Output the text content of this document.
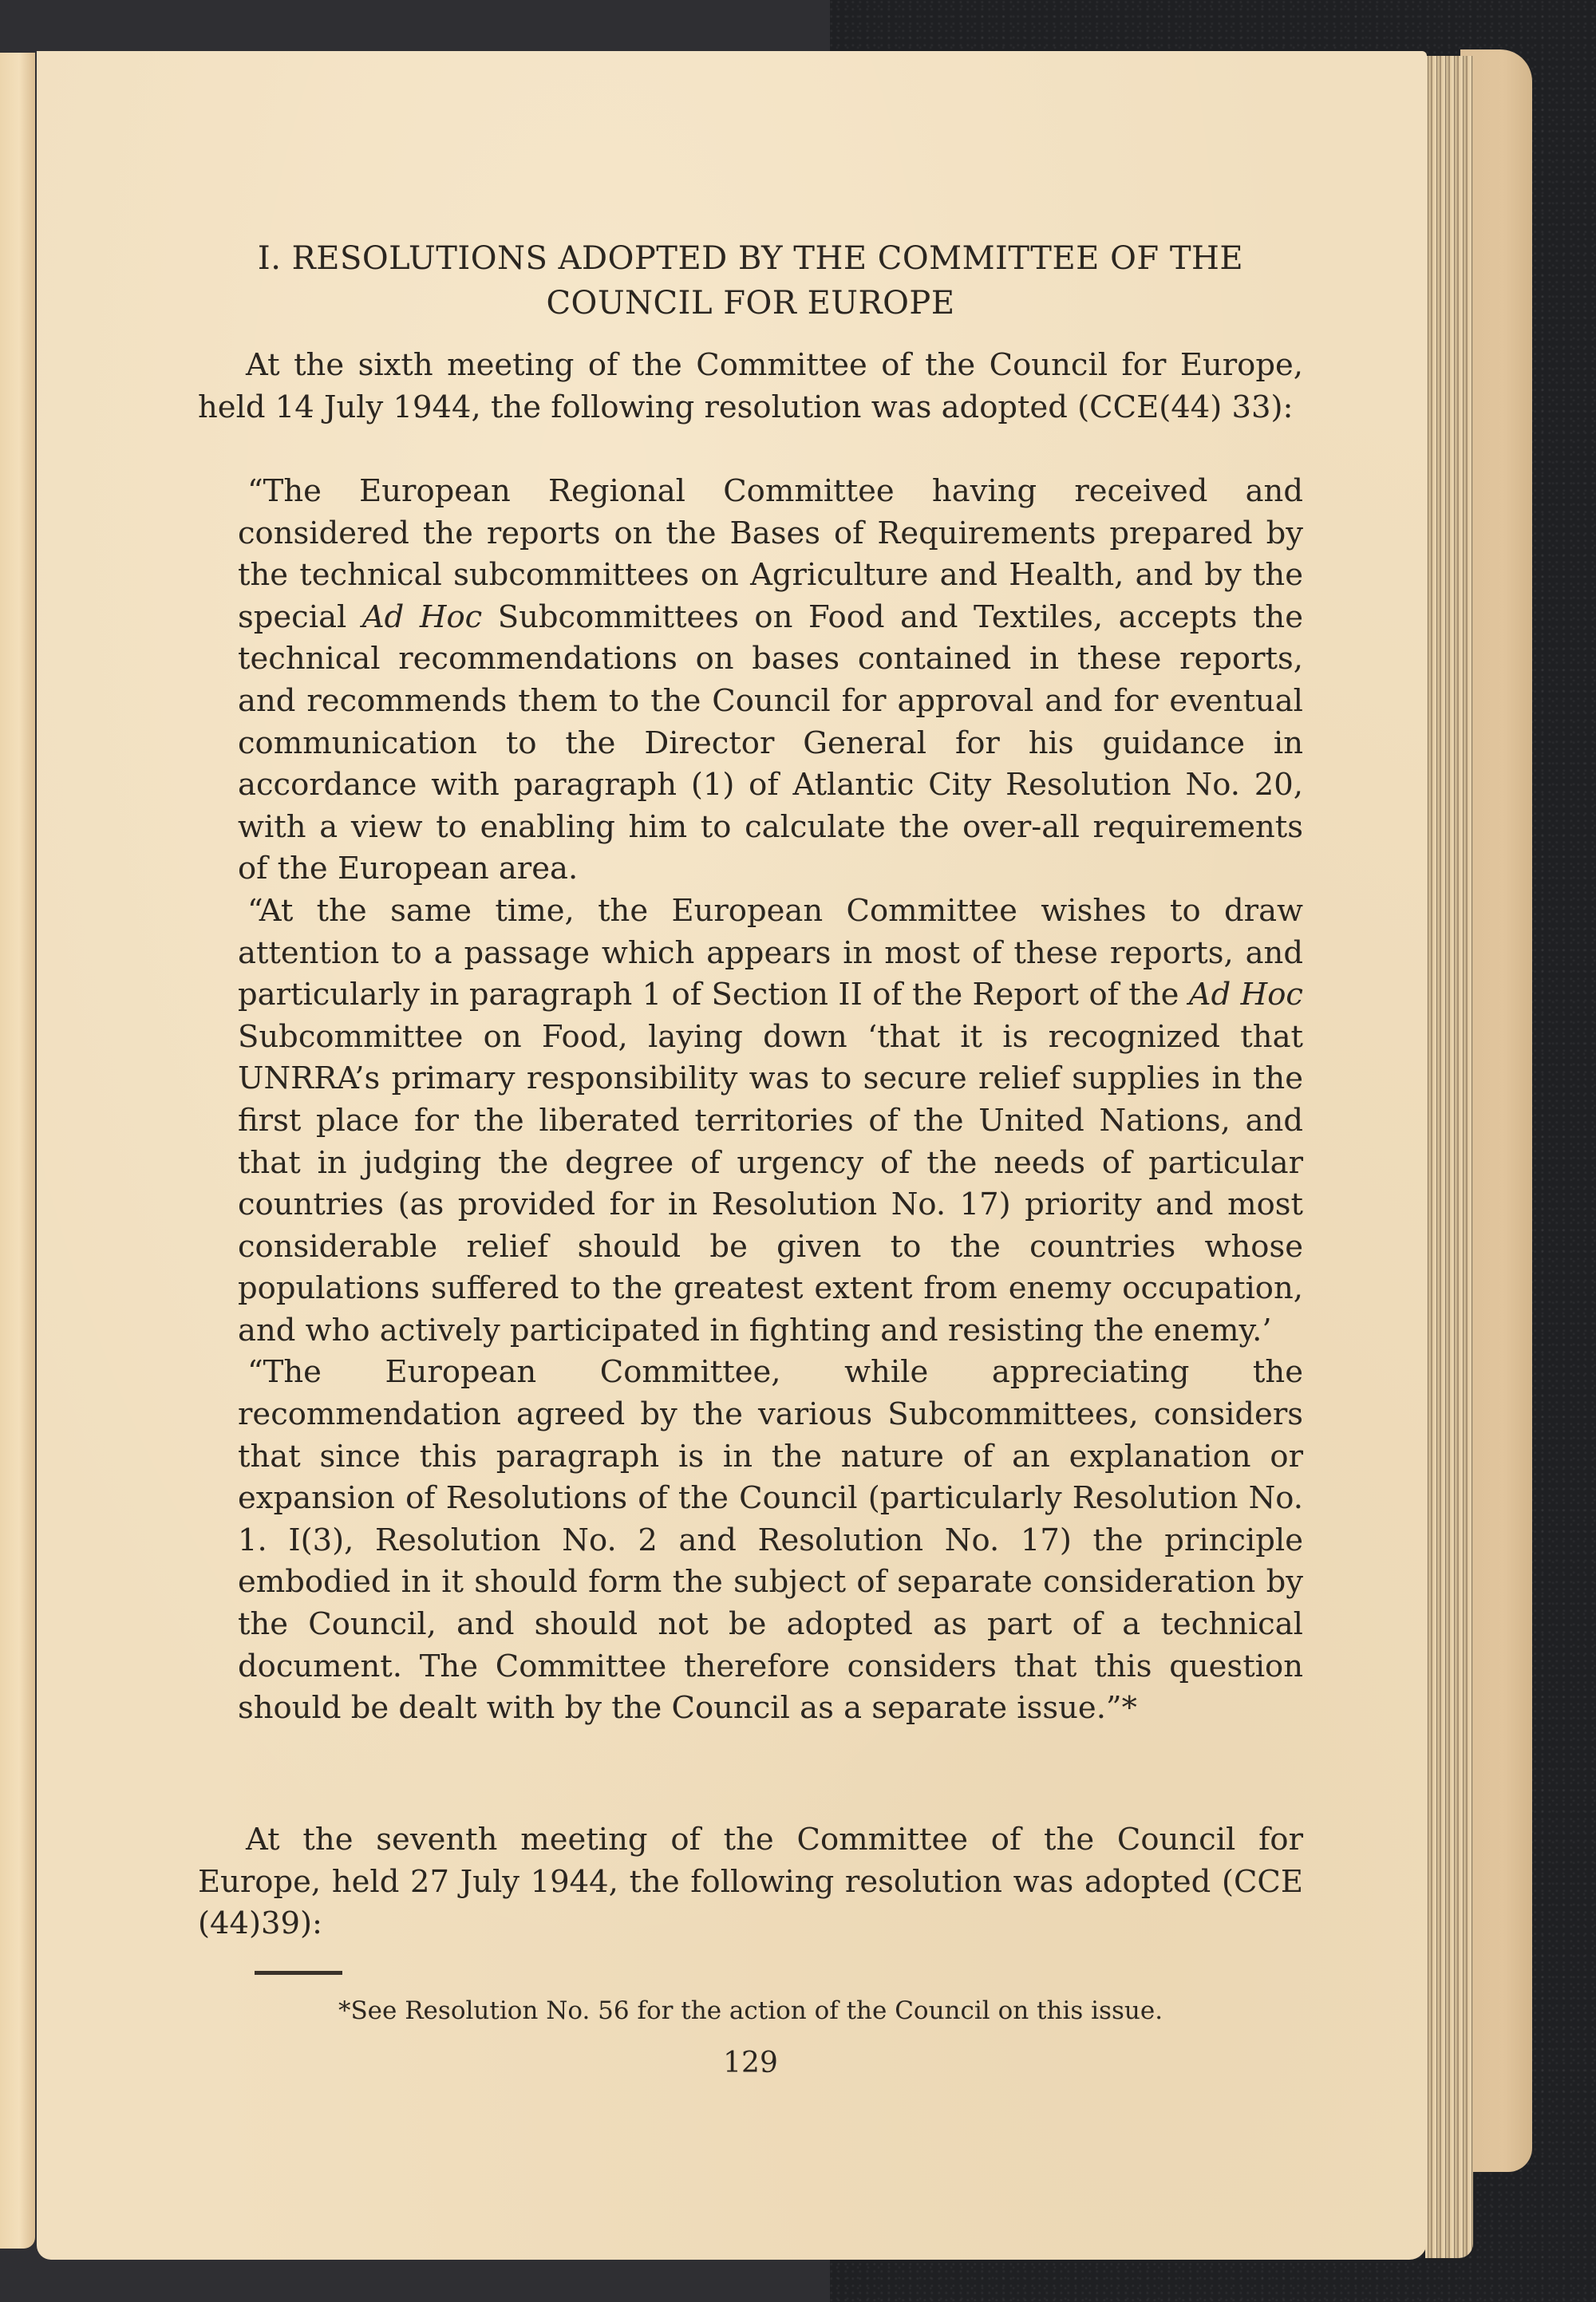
I. RESOLUTIONS ADOPTED BY THE COMMITTEE OF THE
COUNCIL FOR EUROPE

At the sixth meeting of the Committee of the Council for Europe, held 14 July 1944, the following resolution was adopted (CCE(44) 33):

“The European Regional Committee having received and considered the reports on the Bases of Requirements prepared by the technical subcommittees on Agriculture and Health, and by the special Ad Hoc Subcommittees on Food and Textiles, accepts the technical recommendations on bases contained in these reports, and recommends them to the Council for approval and for eventual communication to the Director General for his guidance in accordance with paragraph (1) of Atlantic City Resolution No. 20, with a view to enabling him to calculate the over-all requirements of the European area.

“At the same time, the European Committee wishes to draw attention to a passage which appears in most of these reports, and particularly in paragraph 1 of Section II of the Report of the Ad Hoc Subcommittee on Food, laying down ‘that it is recognized that UNRRA’s primary responsibility was to secure relief supplies in the first place for the liberated territories of the United Nations, and that in judging the degree of urgency of the needs of particular countries (as provided for in Resolution No. 17) priority and most considerable relief should be given to the countries whose populations suffered to the greatest extent from enemy occupation, and who actively participated in fighting and resisting the enemy.’

“The European Committee, while appreciating the recommendation agreed by the various Subcommittees, considers that since this paragraph is in the nature of an explanation or expansion of Resolutions of the Council (particularly Resolution No. 1. I(3), Resolution No. 2 and Resolution No. 17) the principle embodied in it should form the subject of separate consideration by the Council, and should not be adopted as part of a technical document. The Committee therefore considers that this question should be dealt with by the Council as a separate issue.”*

At the seventh meeting of the Committee of the Council for Europe, held 27 July 1944, the following resolution was adopted (CCE (44)39):

*See Resolution No. 56 for the action of the Council on this issue.
129
